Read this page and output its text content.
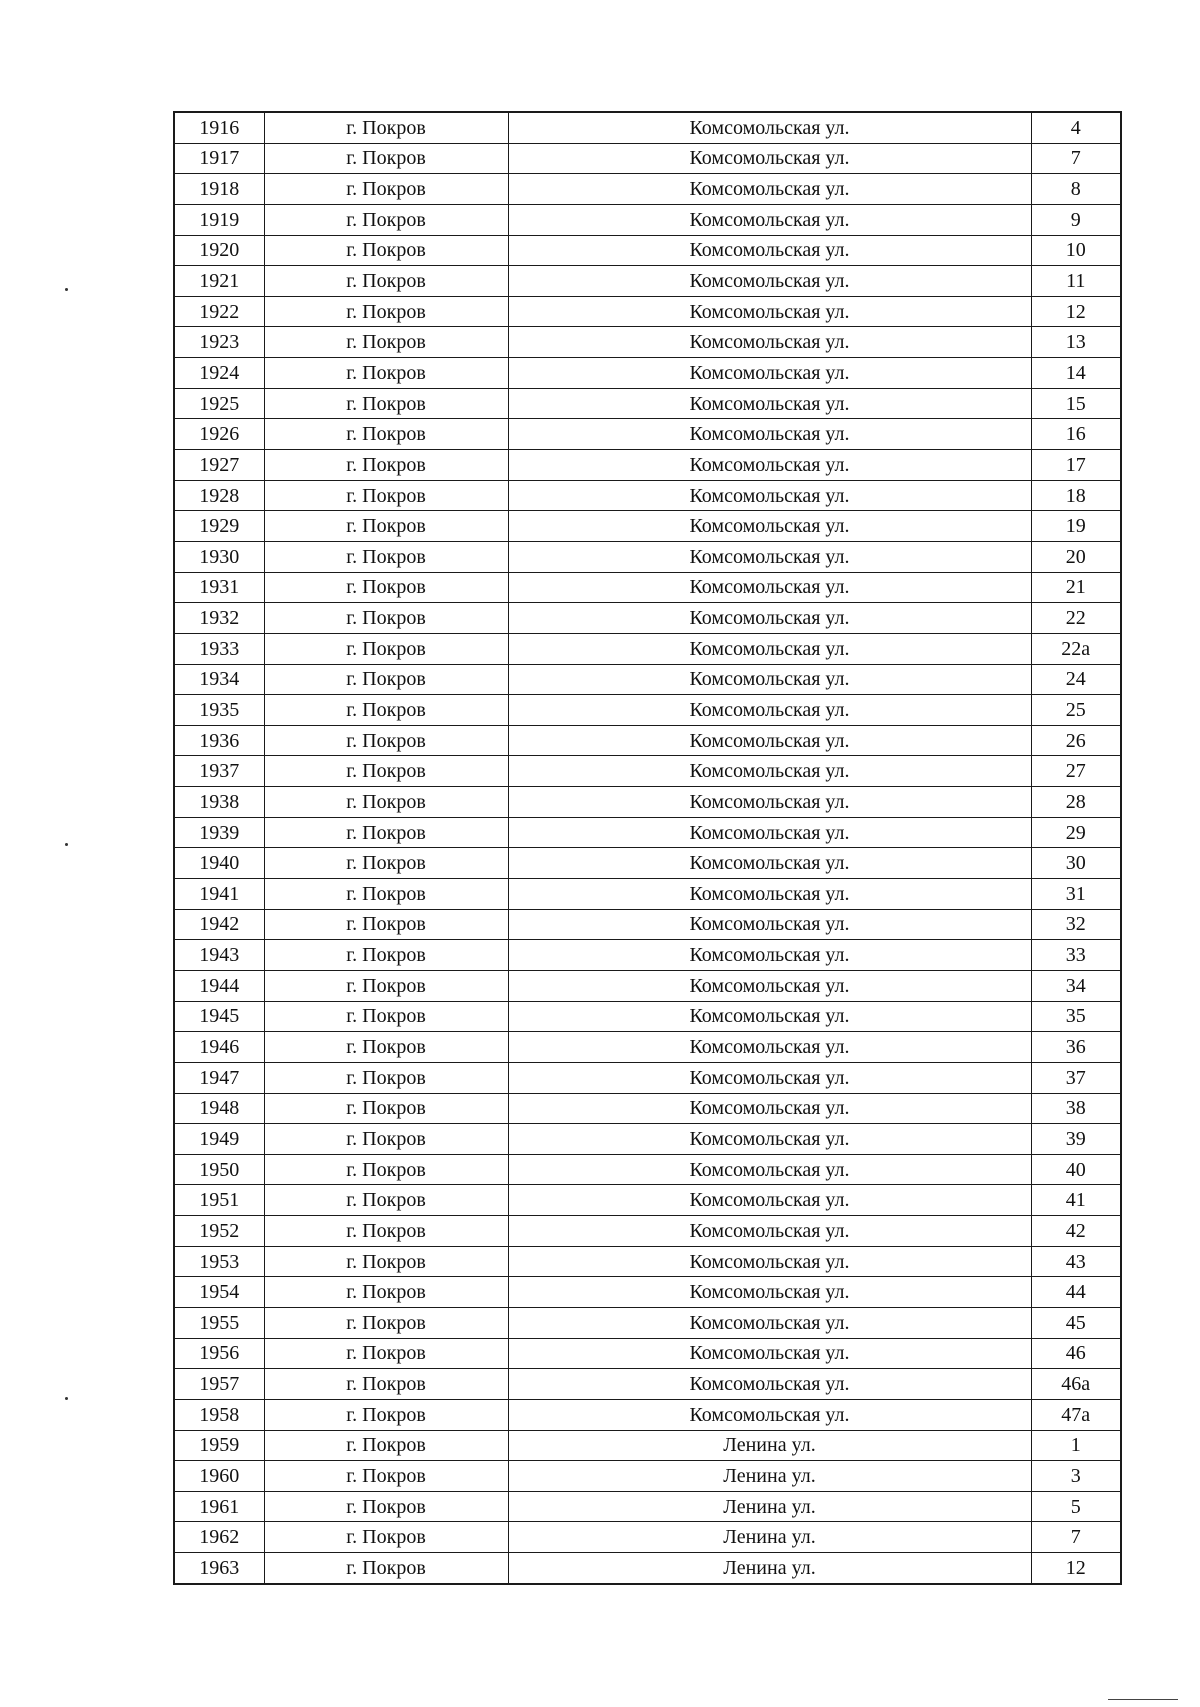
1916	г. Покров	Комсомольская ул.	4
1917	г. Покров	Комсомольская ул.	7
1918	г. Покров	Комсомольская ул.	8
1919	г. Покров	Комсомольская ул.	9
1920	г. Покров	Комсомольская ул.	10
1921	г. Покров	Комсомольская ул.	11
1922	г. Покров	Комсомольская ул.	12
1923	г. Покров	Комсомольская ул.	13
1924	г. Покров	Комсомольская ул.	14
1925	г. Покров	Комсомольская ул.	15
1926	г. Покров	Комсомольская ул.	16
1927	г. Покров	Комсомольская ул.	17
1928	г. Покров	Комсомольская ул.	18
1929	г. Покров	Комсомольская ул.	19
1930	г. Покров	Комсомольская ул.	20
1931	г. Покров	Комсомольская ул.	21
1932	г. Покров	Комсомольская ул.	22
1933	г. Покров	Комсомольская ул.	22а
1934	г. Покров	Комсомольская ул.	24
1935	г. Покров	Комсомольская ул.	25
1936	г. Покров	Комсомольская ул.	26
1937	г. Покров	Комсомольская ул.	27
1938	г. Покров	Комсомольская ул.	28
1939	г. Покров	Комсомольская ул.	29
1940	г. Покров	Комсомольская ул.	30
1941	г. Покров	Комсомольская ул.	31
1942	г. Покров	Комсомольская ул.	32
1943	г. Покров	Комсомольская ул.	33
1944	г. Покров	Комсомольская ул.	34
1945	г. Покров	Комсомольская ул.	35
1946	г. Покров	Комсомольская ул.	36
1947	г. Покров	Комсомольская ул.	37
1948	г. Покров	Комсомольская ул.	38
1949	г. Покров	Комсомольская ул.	39
1950	г. Покров	Комсомольская ул.	40
1951	г. Покров	Комсомольская ул.	41
1952	г. Покров	Комсомольская ул.	42
1953	г. Покров	Комсомольская ул.	43
1954	г. Покров	Комсомольская ул.	44
1955	г. Покров	Комсомольская ул.	45
1956	г. Покров	Комсомольская ул.	46
1957	г. Покров	Комсомольская ул.	46а
1958	г. Покров	Комсомольская ул.	47а
1959	г. Покров	Ленина ул.	1
1960	г. Покров	Ленина ул.	3
1961	г. Покров	Ленина ул.	5
1962	г. Покров	Ленина ул.	7
1963	г. Покров	Ленина ул.	12
